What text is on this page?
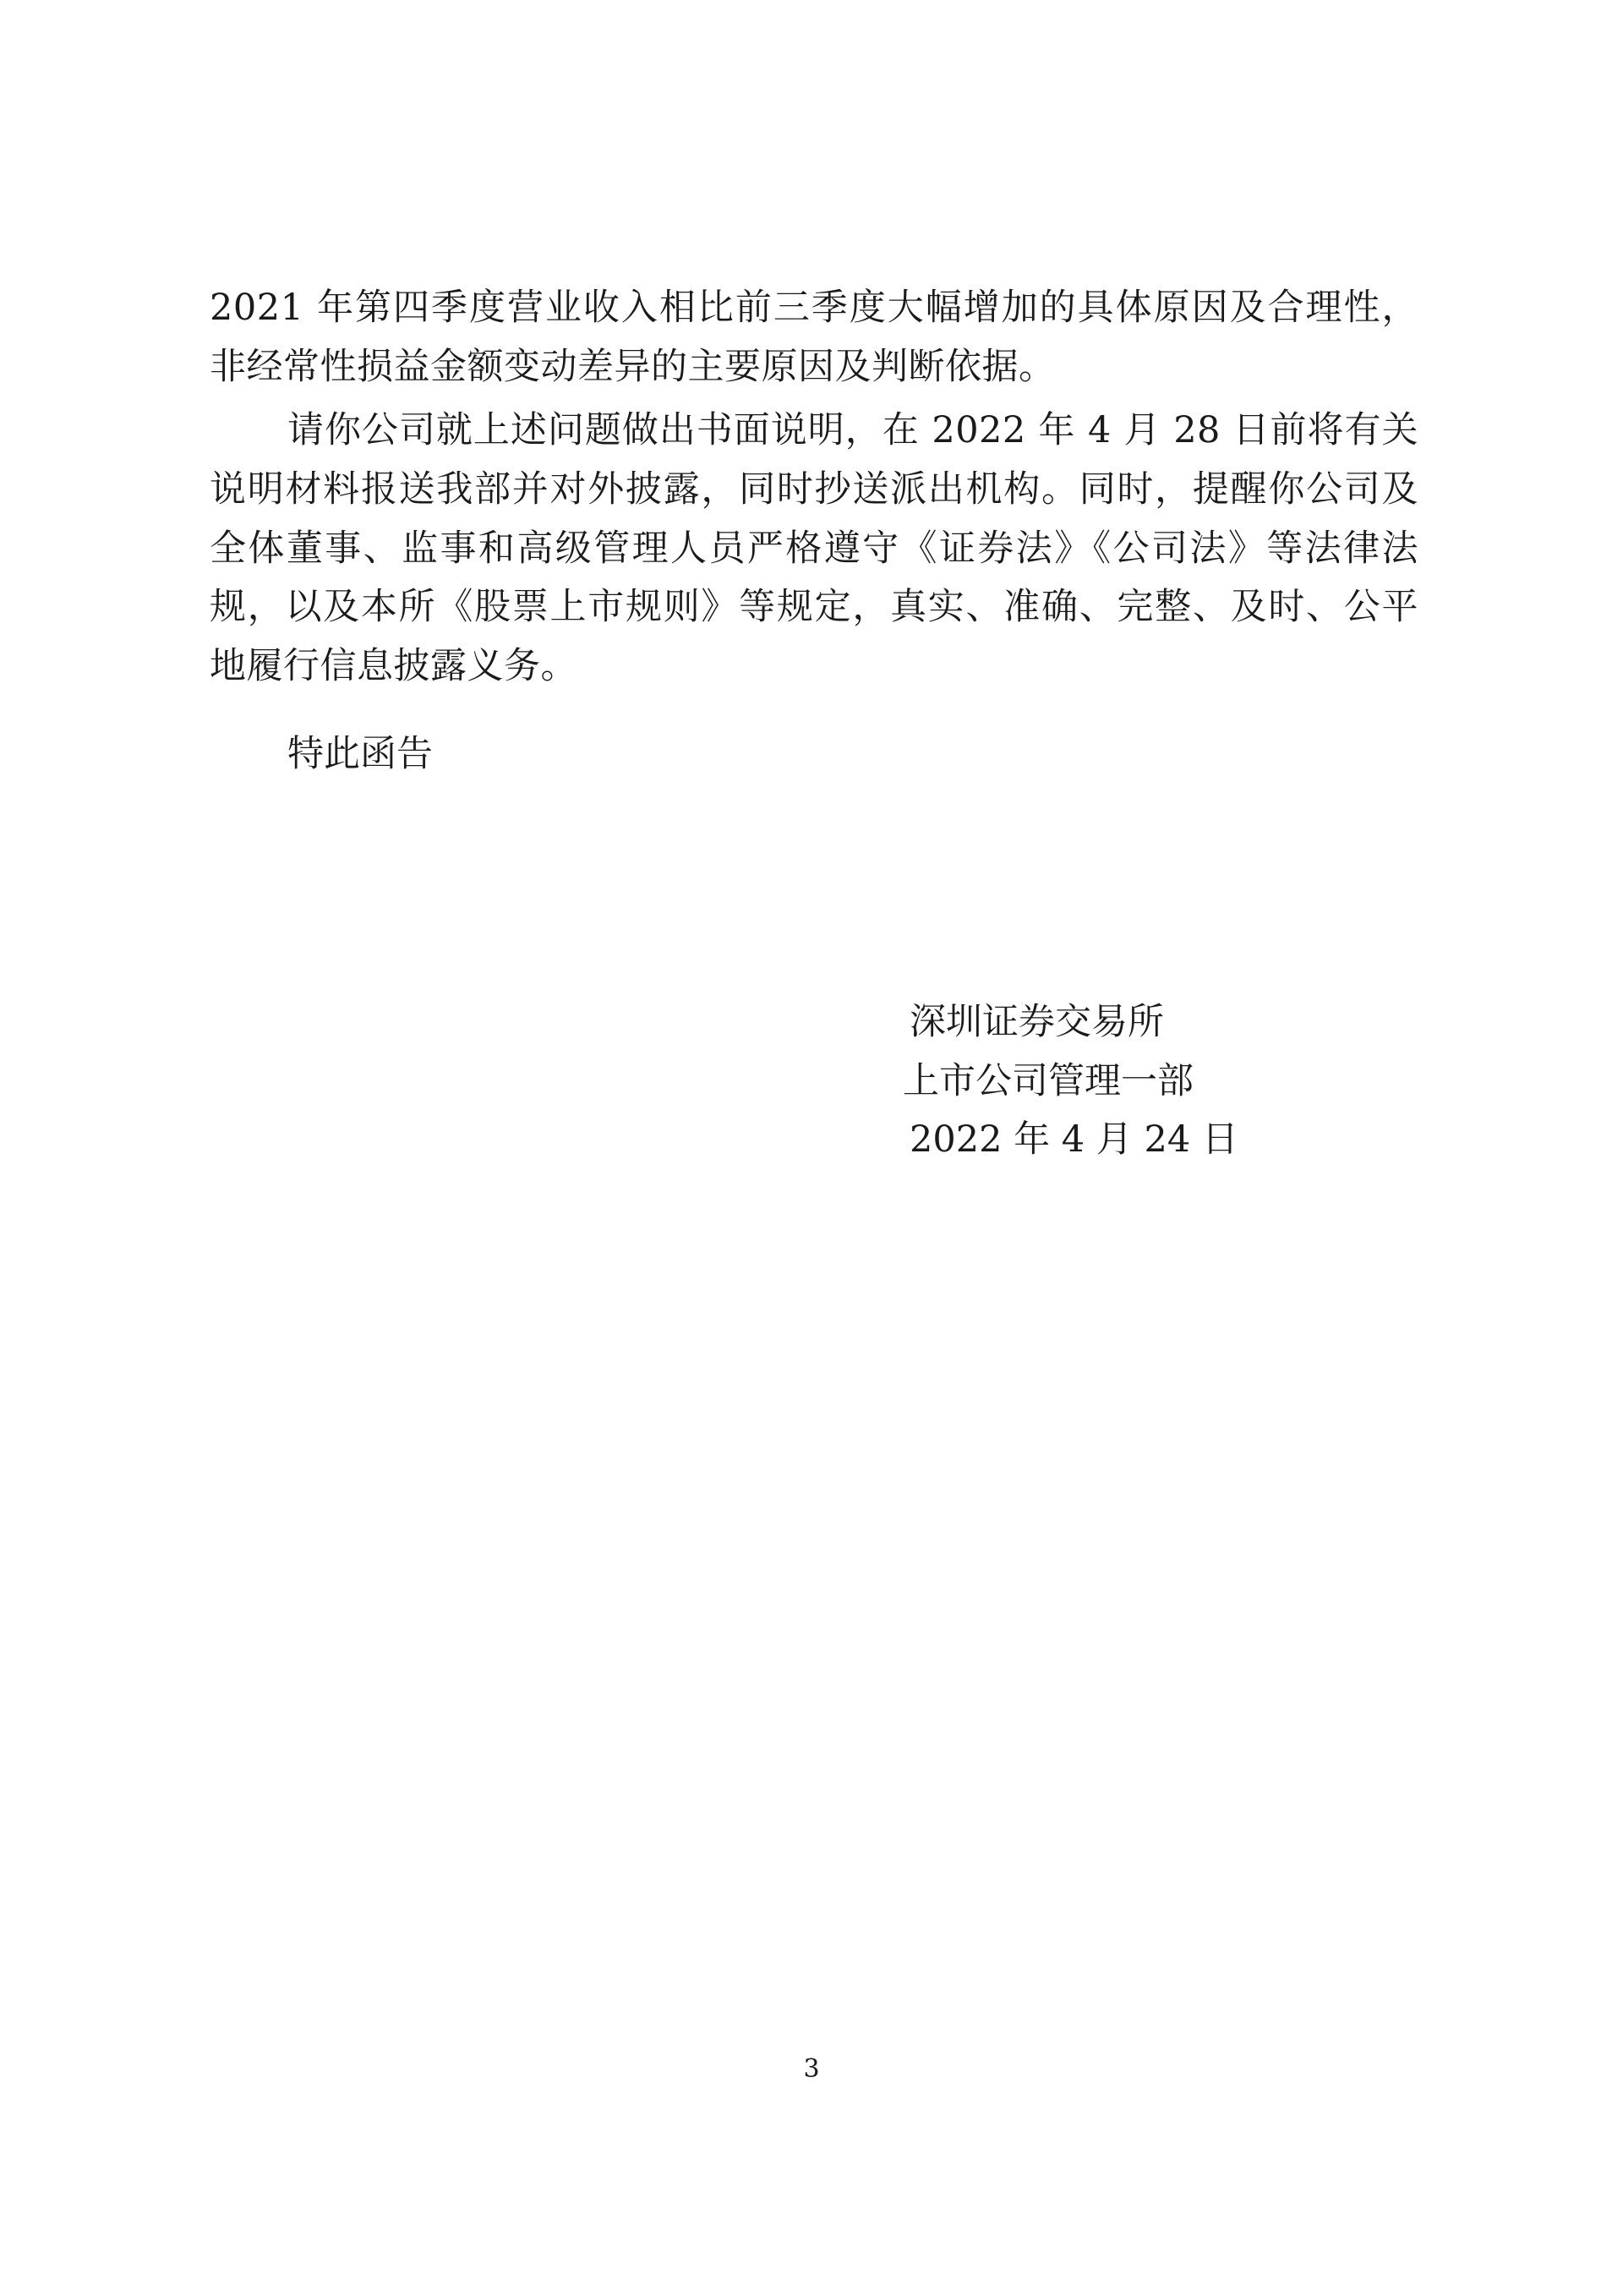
2021 年第四季度营业收入相比前三季度大幅增加的具体原因及合理性，非经常性损益金额变动差异的主要原因及判断依据。

请你公司就上述问题做出书面说明，在 2022 年 4 月 28 日前将有关说明材料报送我部并对外披露，同时抄送派出机构。同时，提醒你公司及全体董事、监事和高级管理人员严格遵守《证券法》《公司法》等法律法规，以及本所《股票上市规则》等规定，真实、准确、完整、及时、公平地履行信息披露义务。

特此函告

深圳证券交易所
上市公司管理一部
2022 年 4 月 24 日
3
